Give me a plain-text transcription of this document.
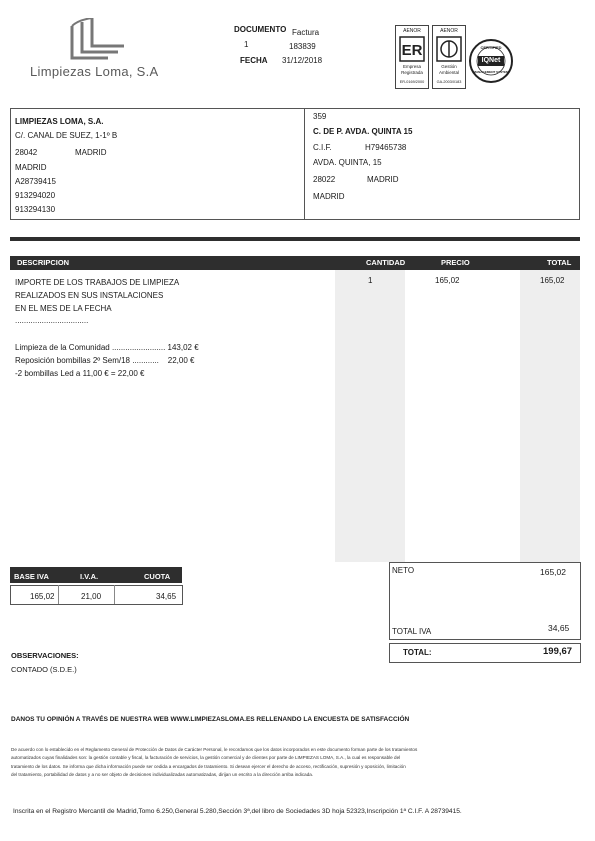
Limpiezas Loma, S.A
DOCUMENTO Factura
1	183839
FECHA 31/12/2018
AENOR
ER
Empresa
Registrada
ER-0169/2000
AENOR
Gestión
Ambiental
GA-2003/0183
CERTIFIED
IQNet
MANAGEMENT SYSTEM
LIMPIEZAS LOMA, S.A.
C/. CANAL DE SUEZ, 1-1º B
28042	MADRID
MADRID
A28739415
913294020
913294130
359
C. DE P. AVDA. QUINTA 15
C.I.F.	H79465738
AVDA. QUINTA, 15
28022	MADRID
MADRID
DESCRIPCION	CANTIDAD	PRECIO	TOTAL
IMPORTE DE LOS TRABAJOS DE LIMPIEZA
REALIZADOS EN SUS INSTALACIONES
EN EL MES DE LA FECHA
.................................
Limpieza de la Comunidad ........................ 143,02 €
Reposición bombillas 2º Sem/18 ............    22,00 €
-2 bombillas Led a 11,00 € = 22,00 €
1	165,02	165,02
BASE IVA	I.V.A.	CUOTA
165,02	21,00	34,65
NETO	165,02
TOTAL IVA	34,65
TOTAL:	199,67
OBSERVACIONES:
CONTADO (S.D.E.)
DANOS TU OPINIÓN A TRAVÉS DE NUESTRA WEB WWW.LIMPIEZASLOMA.ES RELLENANDO LA ENCUESTA DE SATISFACCIÓN
De acuerdo con lo establecido en el Reglamento General de Protección de Datos de Carácter Personal, le recordamos que los datos incorporados en este documento forman parte de los tratamientos
automatizados cuyas finalidades son: la gestión contable y fiscal, la facturación de servicios, la gestión comercial y de clientes por parte de LIMPIEZAS LOMA, S.A., la cual es responsable del
tratamiento de los datos. Se informa que dicha información puede ser cedida a encargados de tratamiento. Si desean ejercer el derecho de acceso, rectificación, supresión y oposición, limitación
del tratamiento, portabilidad de datos y a no ser objeto de decisiones individualizadas automatizadas, dirijan un escrito a la dirección arriba indicada.
Inscrita en el Registro Mercantil de Madrid,Tomo 6.250,General 5.280,Sección 3ª,del libro de Sociedades 3D hoja 52323,Inscripción 1ª C.I.F. A 28739415.
